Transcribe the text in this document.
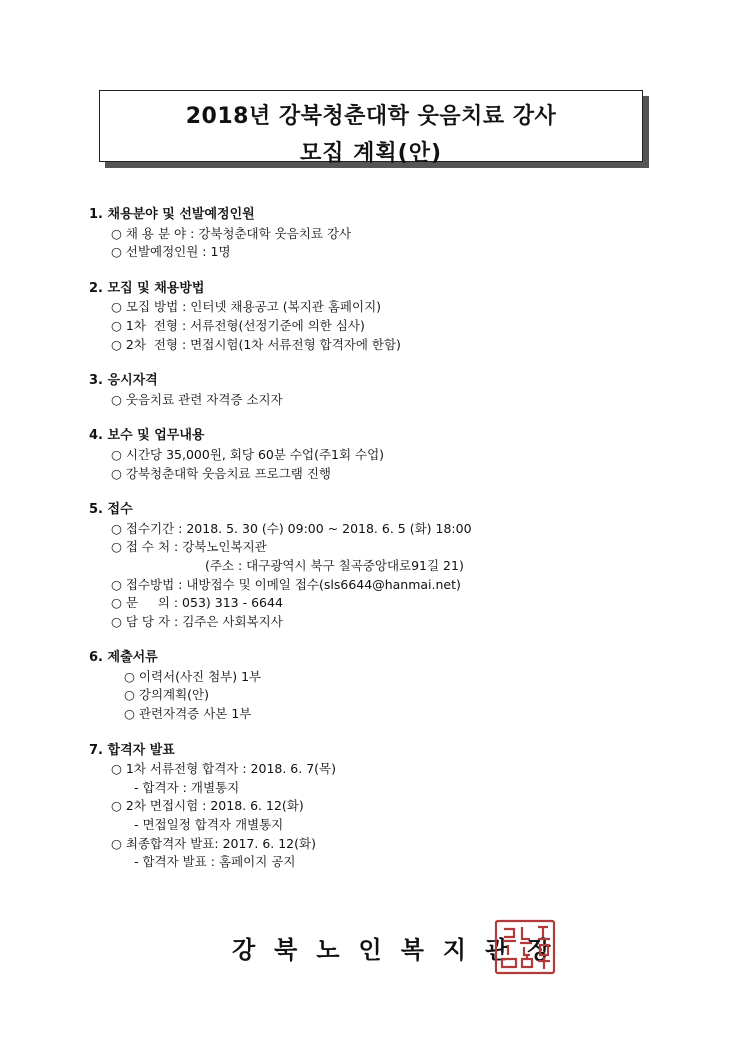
2018년 강북청춘대학 웃음치료 강사
모집 계획(안)
1. 채용분야 및 선발예정인원
○ 채 용 분 야 : 강북청춘대학 웃음치료 강사
○ 선발예정인원 : 1명
2. 모집 및 채용방법
○ 모집 방법 : 인터넷 채용공고 (복지관 홈페이지)
○ 1차  전형 : 서류전형(선정기준에 의한 심사)
○ 2차  전형 : 면접시험(1차 서류전형 합격자에 한함)
3. 응시자격
○ 웃음치료 관련 자격증 소지자
4. 보수 및 업무내용
○ 시간당 35,000원, 회당 60분 수업(주1회 수업)
○ 강북청춘대학 웃음치료 프로그램 진행
5. 접수
○ 접수기간 : 2018. 5. 30 (수) 09:00 ~ 2018. 6. 5 (화) 18:00
○ 접 수 처 : 강북노인복지관
(주소 : 대구광역시 북구 칠곡중앙대로91길 21)
○ 접수방법 : 내방접수 및 이메일 접수(sls6644@hanmai.net)
○ 문     의 : 053) 313 - 6644
○ 담 당 자 : 김주은 사회복지사
6. 제출서류
○ 이력서(사진 첨부) 1부
○ 강의계획(안)
○ 관련자격증 사본 1부
7. 합격자 발표
○ 1차 서류전형 합격자 : 2018. 6. 7(목)
- 합격자 : 개별통지
○ 2차 면접시험 : 2018. 6. 12(화)
- 면접일정 합격자 개별통지
○ 최종합격자 발표: 2017. 6. 12(화)
- 합격자 발표 : 홈페이지 공지
강북노인복지관장
